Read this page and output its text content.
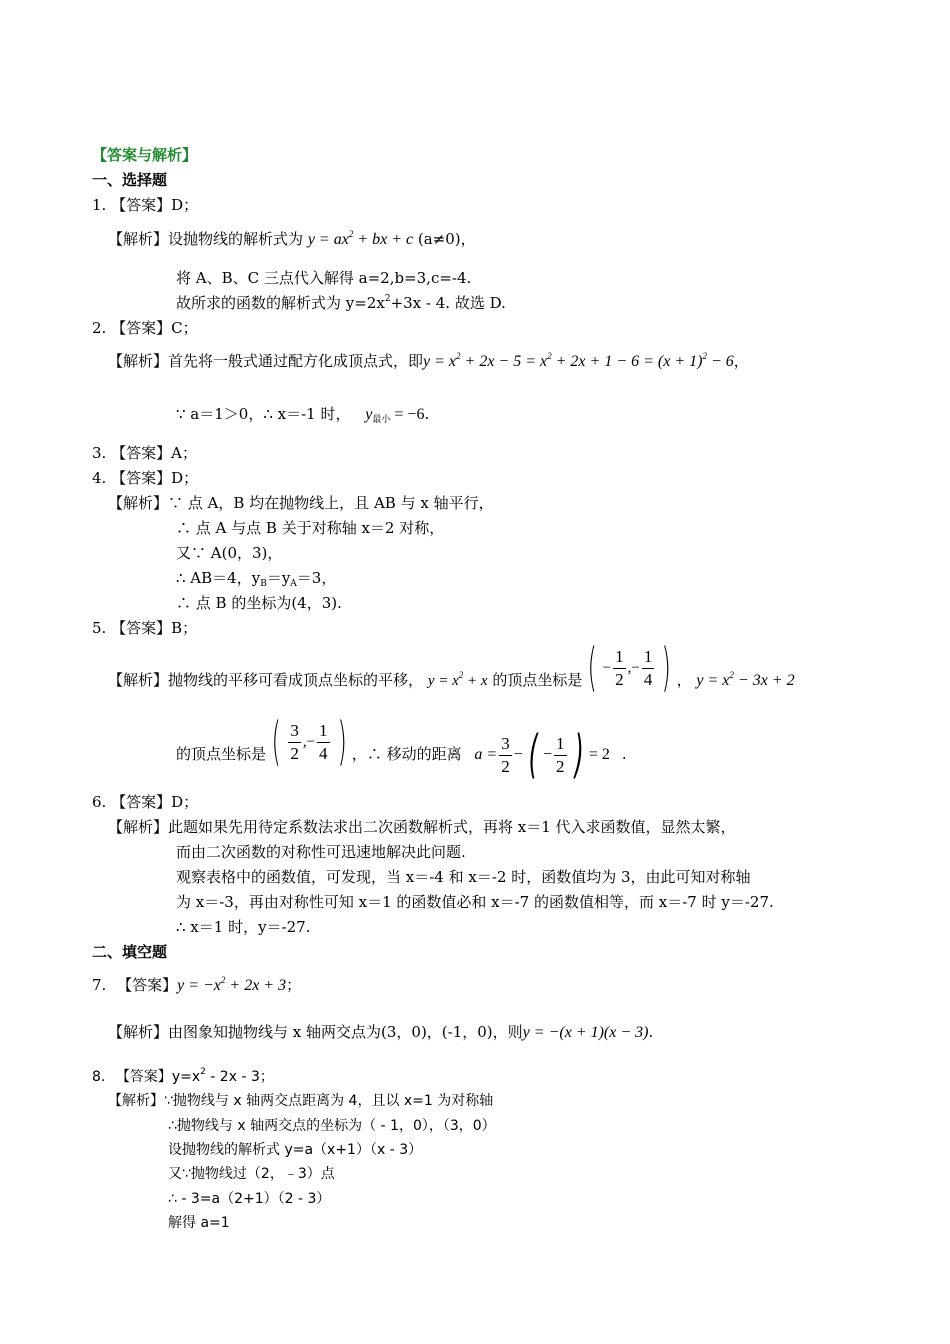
【答案与解析】
一、选择题
1. 【答案】D；
【解析】设抛物线的解析式为 $y = ax^2$ + bx + c (a≠0)，
将 A、B、C 三点代入解得 a=2,b=3,c=-4.
故所求的函数的解析式为 $y=2x^2+3x - 4$. 故选 D.
2. 【答案】C；
【解析】首先将一般式通过配方化成顶点式，即$y = x^2 + 2x - 5 = x^2 + 2x + 1 - 6 = (x + 1)^2 - 6$，
∵ a＝1＞0，∴ x＝-1 时， $y_{最小} = -6$.
3. 【答案】A；
4. 【答案】D；
【解析】∵ 点 A，B 均在抛物线上，且 AB 与 x 轴平行，
∴ 点 A 与点 B 关于对称轴 x＝2 对称，
又∵ A(0，3)，
∴ AB＝4，$y_B=y_A=3$，
∴ 点 B 的坐标为(4，3).
5. 【答案】B；
【解析】抛物线的平移可看成顶点坐标的平移， $y = x^2 + x$ 的顶点坐标是 ( − $\frac{1}{2}$ , − $\frac{1}{4}$ ) ， $y = x^2 - 3x + 2$
的顶点坐标是 ( $\frac{3}{2}$ , − $\frac{1}{4}$ ) ，∴ 移动的距离 $a = \frac{3}{2}$ − ( − $\frac{1}{2}$ ) = 2 .
6. 【答案】D；
【解析】此题如果先用待定系数法求出二次函数解析式，再将 x＝1 代入求函数值，显然太繁，
而由二次函数的对称性可迅速地解决此问题.
观察表格中的函数值，可发现，当 x＝-4 和 x＝-2 时，函数值均为 3，由此可知对称轴
为 x＝-3，再由对称性可知 x＝1 的函数值必和 x＝-7 的函数值相等，而 x＝-7 时 y＝-27.
∴ x＝1 时，y＝-27.
二、填空题
7. 【答案】$y = -x^2 + 2x + 3$；
【解析】由图象知抛物线与 x 轴两交点为(3，0)，(-1，0)，则y = −(x + 1)(x − 3).
8. 【答案】$y=x^2 - 2x - 3$；
【解析】∵抛物线与 x 轴两交点距离为 4，且以 x=1 为对称轴
∴抛物线与 x 轴两交点的坐标为（ - 1，0），（3，0）
设抛物线的解析式 y=a（x+1）（x - 3）
又∵抛物线过（2，﹣3）点
∴ - 3=a（2+1）（2 - 3）
解得 a=1
